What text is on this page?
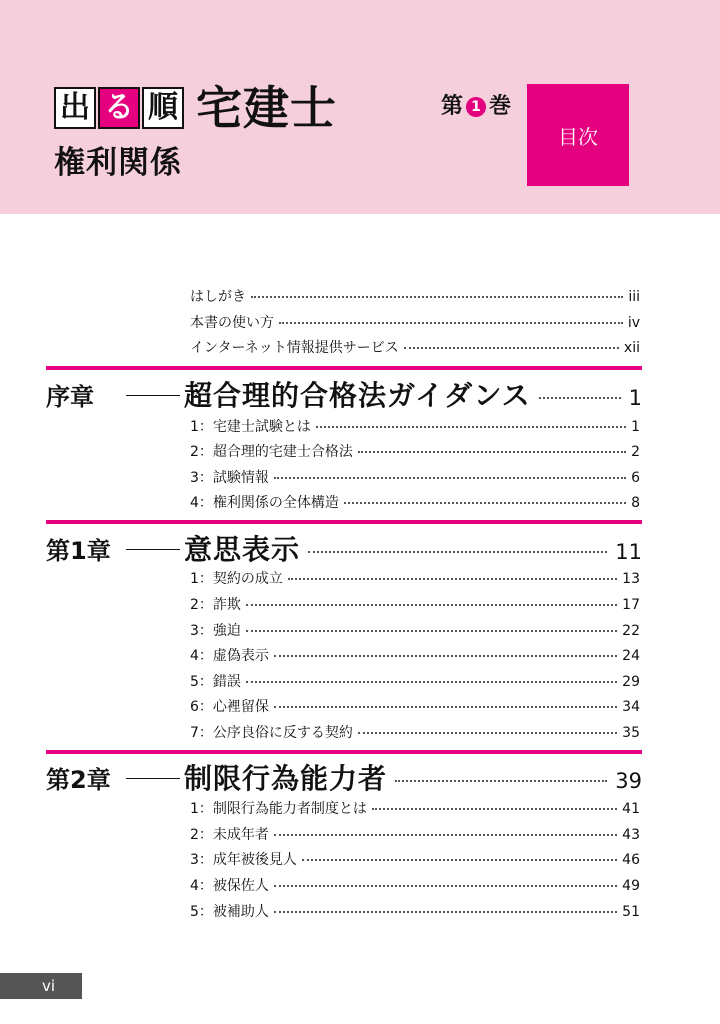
出 る 順 宅建士
権利関係
第 1 巻
目次
はしがき	iii
本書の使い方	iv
インターネット情報提供サービス	xii
序章	超合理的合格法ガイダンス	1
1：宅建士試験とは	1
2：超合理的宅建士合格法	2
3：試験情報	6
4：権利関係の全体構造	8
第1章	意思表示	11
1：契約の成立	13
2：詐欺	17
3：強迫	22
4：虚偽表示	24
5：錯誤	29
6：心裡留保	34
7：公序良俗に反する契約	35
第2章	制限行為能力者	39
1：制限行為能力者制度とは	41
2：未成年者	43
3：成年被後見人	46
4：被保佐人	49
5：被補助人	51
vi
